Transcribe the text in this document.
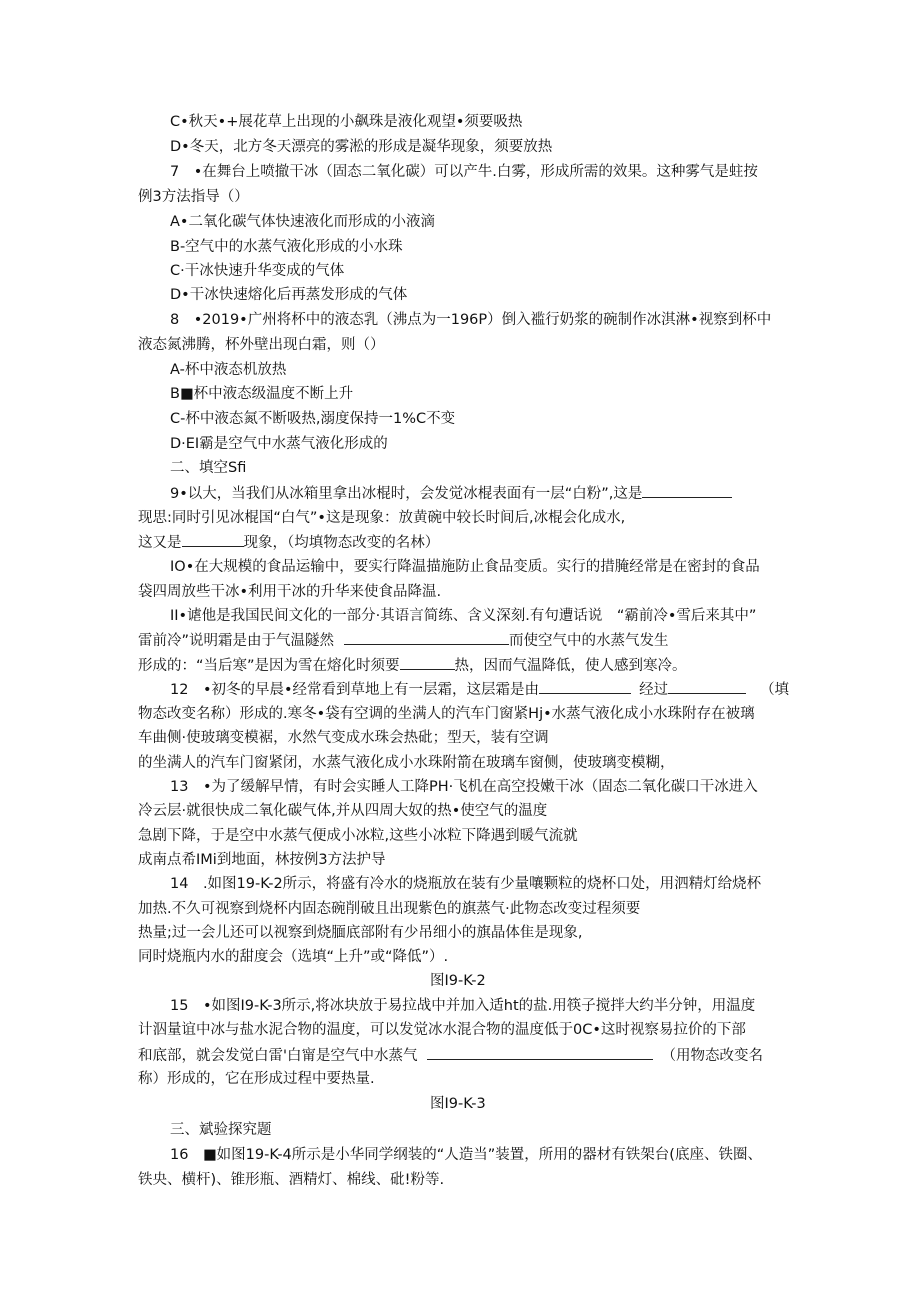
C•秋天•+展花草上出现的小飙珠是液化观望•须要吸热
D•冬天，北方冬天漂亮的雾淞的形成是凝华现象，须要放热
7　•在舞台上喷撤干冰（固态二氧化碳）可以产牛.白雾，形成所需的效果。这种雾气是蛀按
例3方法指导（）
A•二氧化碳气体快速液化而形成的小液滴
B-空气中的水蒸气液化形成的小水珠
C·干冰快速升华变成的气体
D•干冰快速熔化后再蒸发形成的气体
8　•2019•广州将杯中的液态乳（沸点为一196P）倒入褴行奶浆的碗制作冰淇淋•视察到杯中
液态氮沸腾，杯外壁出现白霜，则（）
A-杯中液态机放热
B■杯中液态级温度不断上升
C-杯中液态氮不断吸热,溺度保持一1%C不变
D·EI霸是空气中水蒸气液化形成的
二、填空Sfi
9•以大，当我们从冰箱里拿出冰棍时，会发觉冰棍表面有一层“白粉”,这是
现思:同时引见冰棍国“白气”•这是现象：放黄碗中较长时间后,冰棍会化成水,
这又是	现象，（均填物态改变的名林）
IO•在大规模的食品运输中，要实行降温描施防止食品变质。实行的措腌经常是在密封的食品
袋四周放些干冰•利用干冰的升华来使食品降温.
II•谑他是我国民间文化的一部分·其语言简练、含义深刻.有句遭话说　“霸前冷•雪后来其中”
雷前冷”说明霜是由于气温隧然	而使空气中的水蒸气发生
形成的：“当后寒”是因为雪在熔化时须要	热，因而气温降低，使人感到寒冷。
12　•初冬的早晨•经常看到草地上有一层霜，这层霜是由	经过	（填
物态改变名称）形成的.寒冬•袋有空调的坐满人的汽车门窗紧Hj•水蒸气液化成小水珠附存在被璃
车曲侧·使玻璃变模裾，水然气变成水珠会热砒；型天，装有空调
的坐满人的汽车门窗紧闭，水蒸气液化成小水珠附箭在玻璃车窗侧，使玻璃变模糊，
13　•为了缓解早情，有时会实睡人工降PH·飞机在高空投嫩干冰（固态二氧化碳口干冰进入
冷云层·就很快成二氧化碳气体,并从四周大奴的热•使空气的温度
急剧下降，于是空中水蒸气便成小冰粒,这些小冰粒下降遇到暖气流就
成南点希IMi到地面，林按例3方法护导
14　.如图19-K-2所示，将盛有冷水的烧瓶放在装有少量嚷颗粒的烧杯口处，用泗精灯给烧杯
加热.不久可视察到烧杯内固态碗削破且出现紫色的旗蒸气·此物态改变过程须要
热量;过一会儿还可以视察到烧腼底部附有少吊细小的旗晶体隹是现象,
同时烧瓶内水的甜度会（选填“上升”或“降低”）.
图I9-K-2
15　•如图I9-K-3所示,将冰块放于易拉战中并加入适ht的盐.用筷子搅拌大约半分钟，用温度
计泅量谊中冰与盐水泥合物的温度，可以发觉冰水混合物的温度低于0C•这时视察易拉价的下部
和底部，就会发觉白雷'白甯是空气中水蒸气	（用物态改变名
称）形成的，它在形成过程中要热量.
图I9-K-3
三、斌验探究题
16　■如图19-K-4所示是小华同学纲装的“人造当”装置，所用的器材有铁架台(底座、铁圈、
铁央、横杆)、锥形瓶、酒精灯、棉线、砒!粉等.
